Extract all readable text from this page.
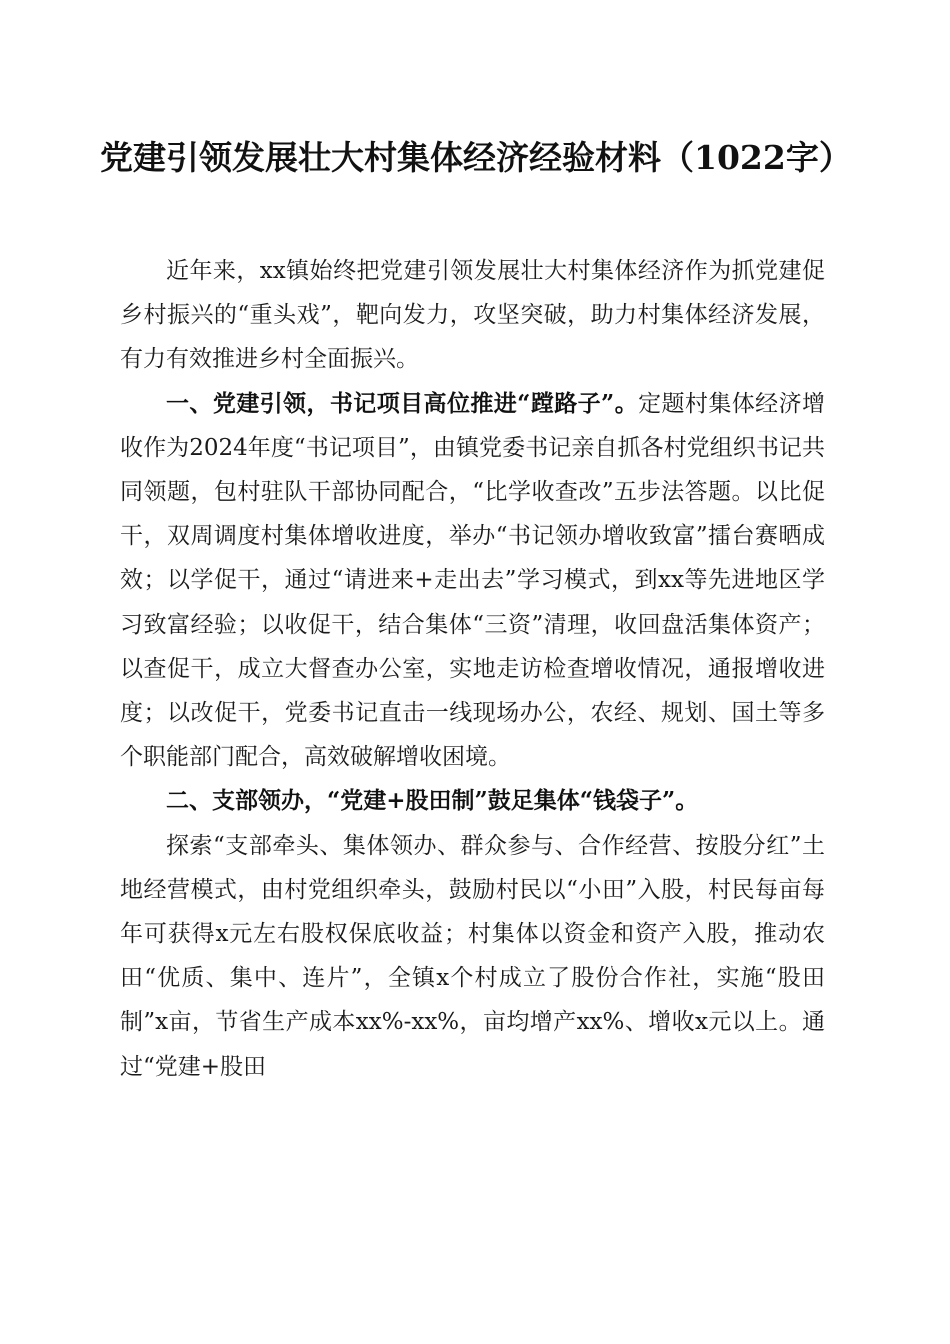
党建引领发展壮大村集体经济经验材料（1022字）

近年来，xx镇始终把党建引领发展壮大村集体经济作为抓党建促乡村振兴的“重头戏”，靶向发力，攻坚突破，助力村集体经济发展，有力有效推进乡村全面振兴。

一、党建引领，书记项目高位推进“蹚路子”。定题村集体经济增收作为2024年度“书记项目”，由镇党委书记亲自抓各村党组织书记共同领题，包村驻队干部协同配合，“比学收查改”五步法答题。以比促干，双周调度村集体增收进度，举办“书记领办增收致富”擂台赛晒成效；以学促干，通过“请进来+走出去”学习模式，到xx等先进地区学习致富经验；以收促干，结合集体“三资”清理，收回盘活集体资产；以查促干，成立大督查办公室，实地走访检查增收情况，通报增收进度；以改促干，党委书记直击一线现场办公，农经、规划、国土等多个职能部门配合，高效破解增收困境。

二、支部领办，“党建+股田制”鼓足集体“钱袋子”。

探索“支部牵头、集体领办、群众参与、合作经营、按股分红”土地经营模式，由村党组织牵头，鼓励村民以“小田”入股，村民每亩每年可获得x元左右股权保底收益；村集体以资金和资产入股，推动农田“优质、集中、连片”，全镇x个村成立了股份合作社，实施“股田制”x亩，节省生产成本xx%-xx%，亩均增产xx%、增收x元以上。通过“党建+股田
